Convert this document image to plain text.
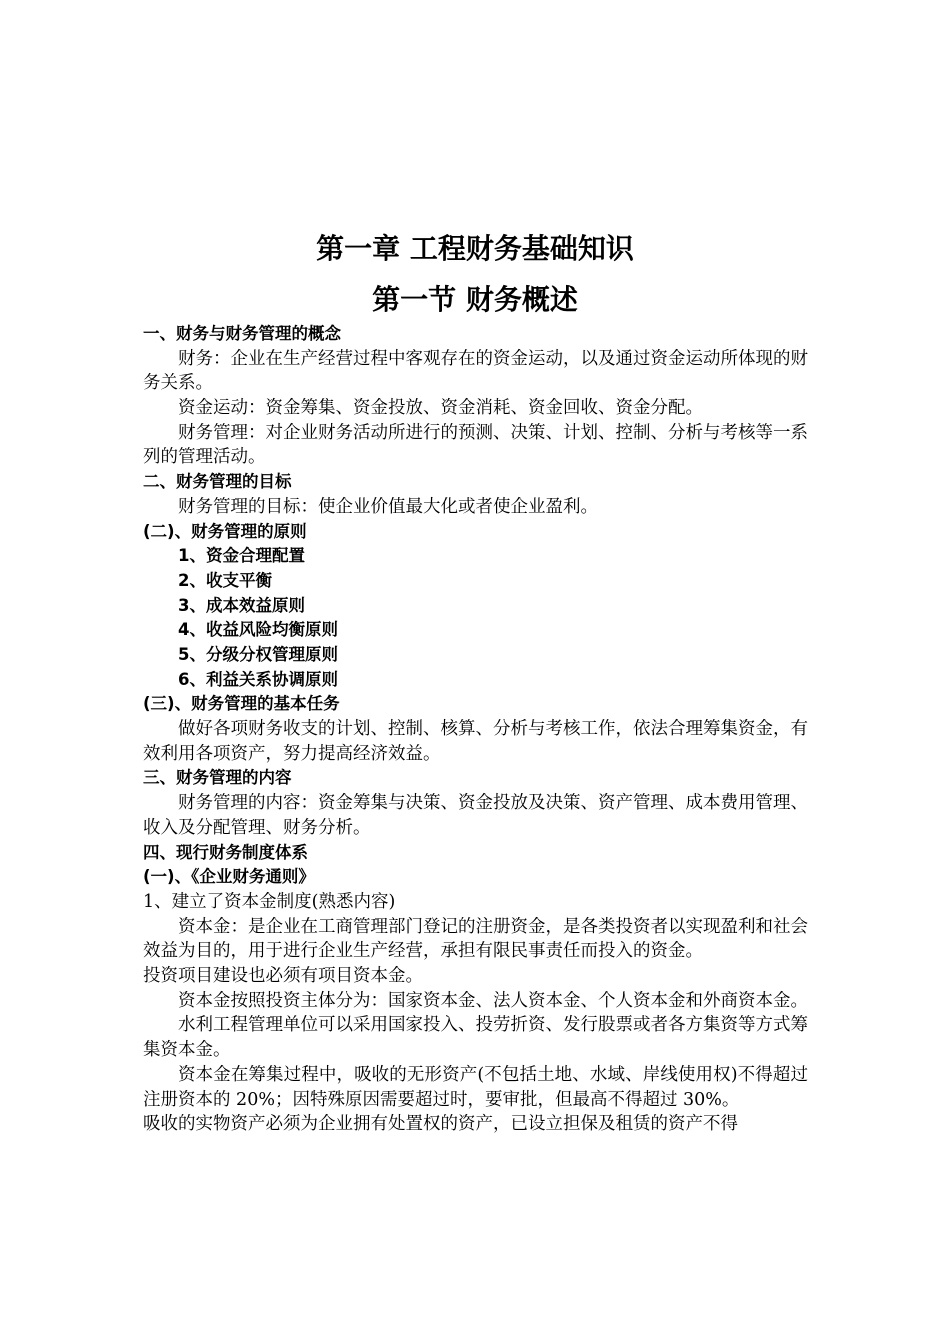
第一章 工程财务基础知识
第一节 财务概述
一、财务与财务管理的概念
财务：企业在生产经营过程中客观存在的资金运动，以及通过资金运动所体现的财务关系。
资金运动：资金筹集、资金投放、资金消耗、资金回收、资金分配。
财务管理：对企业财务活动所进行的预测、决策、计划、控制、分析与考核等一系列的管理活动。
二、财务管理的目标
财务管理的目标：使企业价值最大化或者使企业盈利。
(二)、财务管理的原则
1、资金合理配置
2、收支平衡
3、成本效益原则
4、收益风险均衡原则
5、分级分权管理原则
6、利益关系协调原则
(三)、财务管理的基本任务
做好各项财务收支的计划、控制、核算、分析与考核工作，依法合理筹集资金，有效利用各项资产，努力提高经济效益。
三、财务管理的内容
财务管理的内容：资金筹集与决策、资金投放及决策、资产管理、成本费用管理、收入及分配管理、财务分析。
四、现行财务制度体系
(一)、《企业财务通则》
1、建立了资本金制度(熟悉内容)
资本金：是企业在工商管理部门登记的注册资金，是各类投资者以实现盈利和社会效益为目的，用于进行企业生产经营，承担有限民事责任而投入的资金。
投资项目建设也必须有项目资本金。
资本金按照投资主体分为：国家资本金、法人资本金、个人资本金和外商资本金。
水利工程管理单位可以采用国家投入、投劳折资、发行股票或者各方集资等方式筹集资本金。
资本金在筹集过程中，吸收的无形资产(不包括土地、水域、岸线使用权)不得超过注册资本的 20%；因特殊原因需要超过时，要审批，但最高不得超过 30%。
吸收的实物资产必须为企业拥有处置权的资产，已设立担保及租赁的资产不得
